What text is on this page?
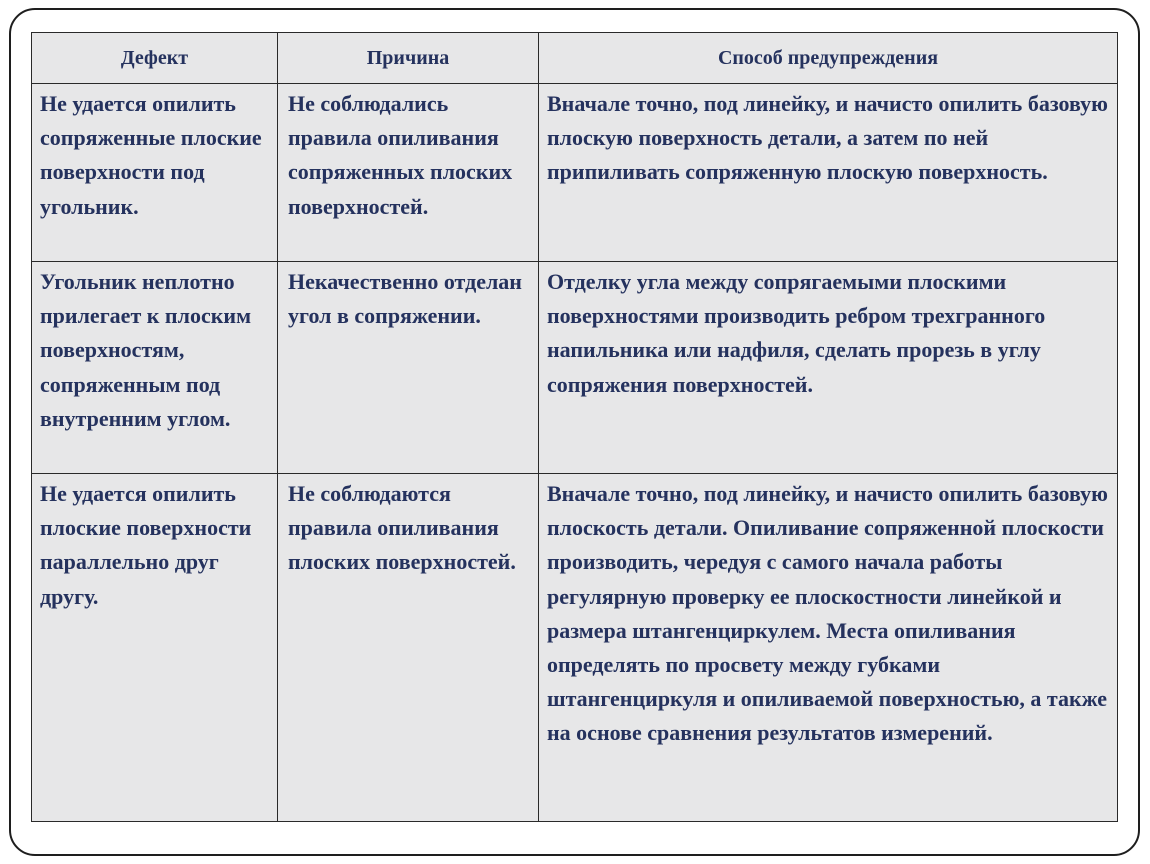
Дефект	Причина	Способ предупреждения

Не удается опилить сопряженные плоские поверхности под угольник.	Не соблюдались правила опиливания сопряженных плоских поверхностей.	Вначале точно, под линейку, и начисто опилить базовую плоскую поверхность детали, а затем по ней припиливать сопряженную плоскую поверхность.

Угольник неплотно прилегает к плоским поверхностям, сопряженным под внутренним углом.	Некачественно отделан угол в сопряжении.	Отделку угла между сопрягаемыми плоскими поверхностями производить ребром трехгранного напильника или надфиля, сделать прорезь в углу сопряжения поверхностей.

Не удается опилить плоские поверхности параллельно друг другу.	Не соблюдаются правила опиливания плоских поверхностей.	Вначале точно, под линейку, и начисто опилить базовую плоскость детали. Опиливание сопряженной плоскости производить, чередуя с самого начала работы регулярную проверку ее плоскостности линейкой и размера штангенциркулем. Места опиливания определять по просвету между губками штангенциркуля и опиливаемой поверхностью, а также на основе сравнения результатов измерений.
